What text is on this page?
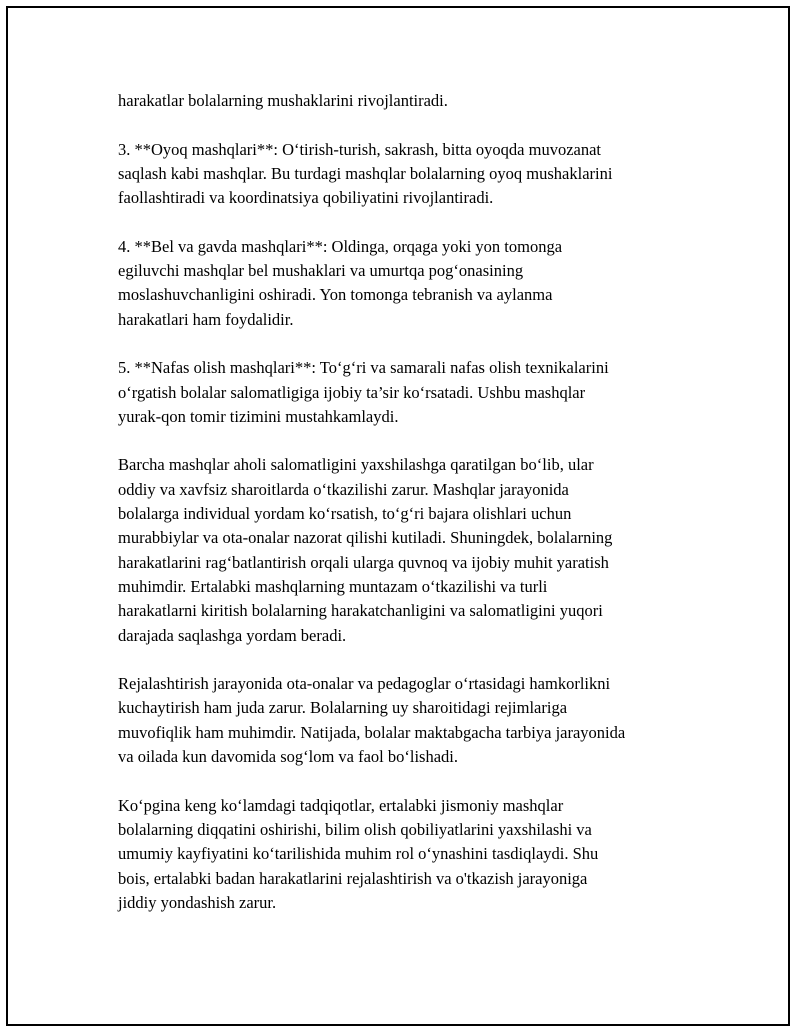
harakatlar bolalarning mushaklarini rivojlantiradi.

3. **Oyoq mashqlari**: O‘tirish-turish, sakrash, bitta oyoqda muvozanat
saqlash kabi mashqlar. Bu turdagi mashqlar bolalarning oyoq mushaklarini
faollashtiradi va koordinatsiya qobiliyatini rivojlantiradi.

4. **Bel va gavda mashqlari**: Oldinga, orqaga yoki yon tomonga
egiluvchi mashqlar bel mushaklari va umurtqa pog‘onasining
moslashuvchanligini oshiradi. Yon tomonga tebranish va aylanma
harakatlari ham foydalidir.

5. **Nafas olish mashqlari**: To‘g‘ri va samarali nafas olish texnikalarini
o‘rgatish bolalar salomatligiga ijobiy ta’sir ko‘rsatadi. Ushbu mashqlar
yurak-qon tomir tizimini mustahkamlaydi.

Barcha mashqlar aholi salomatligini yaxshilashga qaratilgan bo‘lib, ular
oddiy va xavfsiz sharoitlarda o‘tkazilishi zarur. Mashqlar jarayonida
bolalarga individual yordam ko‘rsatish, to‘g‘ri bajara olishlari uchun
murabbiylar va ota-onalar nazorat qilishi kutiladi. Shuningdek, bolalarning
harakatlarini rag‘batlantirish orqali ularga quvnoq va ijobiy muhit yaratish
muhimdir. Ertalabki mashqlarning muntazam o‘tkazilishi va turli
harakatlarni kiritish bolalarning harakatchanligini va salomatligini yuqori
darajada saqlashga yordam beradi.

Rejalashtirish jarayonida ota-onalar va pedagoglar o‘rtasidagi hamkorlikni
kuchaytirish ham juda zarur. Bolalarning uy sharoitidagi rejimlariga
muvofiqlik ham muhimdir. Natijada, bolalar maktabgacha tarbiya jarayonida
va oilada kun davomida sog‘lom va faol bo‘lishadi.

Ko‘pgina keng ko‘lamdagi tadqiqotlar, ertalabki jismoniy mashqlar
bolalarning diqqatini oshirishi, bilim olish qobiliyatlarini yaxshilashi va
umumiy kayfiyatini ko‘tarilishida muhim rol o‘ynashini tasdiqlaydi. Shu
bois, ertalabki badan harakatlarini rejalashtirish va o'tkazish jarayoniga
jiddiy yondashish zarur.
